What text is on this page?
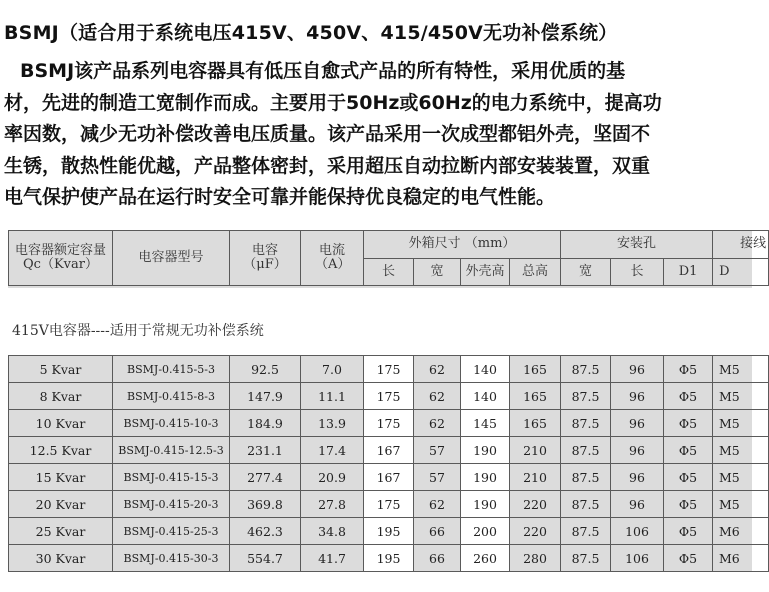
BSMJ（适合用于系统电压415V、450V、415/450V无功补偿系统）
BSMJ该产品系列电容器具有低压自愈式产品的所有特性，采用优质的基
材，先进的制造工宽制作而成。主要用于50Hz或60Hz的电力系统中，提高功
率因数，减少无功补偿改善电压质量。该产品采用一次成型都铝外壳，坚固不
生锈，散热性能优越，产品整体密封，采用超压自动拉断内部安装装置，双重
电气保护使产品在运行时安全可靠并能保持优良稳定的电气性能。
电容器额定容量Qc（Kvar）	电容器型号	电容（μF）	电流（A）	外箱尺寸 （mm）				安装孔			接线
				长	宽	外壳高	总高	宽	长	D1	D
415V电容器----适用于常规无功补偿系统
5 Kvar	BSMJ-0.415-5-3	92.5	7.0	175	62	140	165	87.5	96	Φ5	M5
8 Kvar	BSMJ-0.415-8-3	147.9	11.1	175	62	140	165	87.5	96	Φ5	M5
10 Kvar	BSMJ-0.415-10-3	184.9	13.9	175	62	145	165	87.5	96	Φ5	M5
12.5 Kvar	BSMJ-0.415-12.5-3	231.1	17.4	167	57	190	210	87.5	96	Φ5	M5
15 Kvar	BSMJ-0.415-15-3	277.4	20.9	167	57	190	210	87.5	96	Φ5	M5
20 Kvar	BSMJ-0.415-20-3	369.8	27.8	175	62	190	220	87.5	96	Φ5	M5
25 Kvar	BSMJ-0.415-25-3	462.3	34.8	195	66	200	220	87.5	106	Φ5	M6
30 Kvar	BSMJ-0.415-30-3	554.7	41.7	195	66	260	280	87.5	106	Φ5	M6
